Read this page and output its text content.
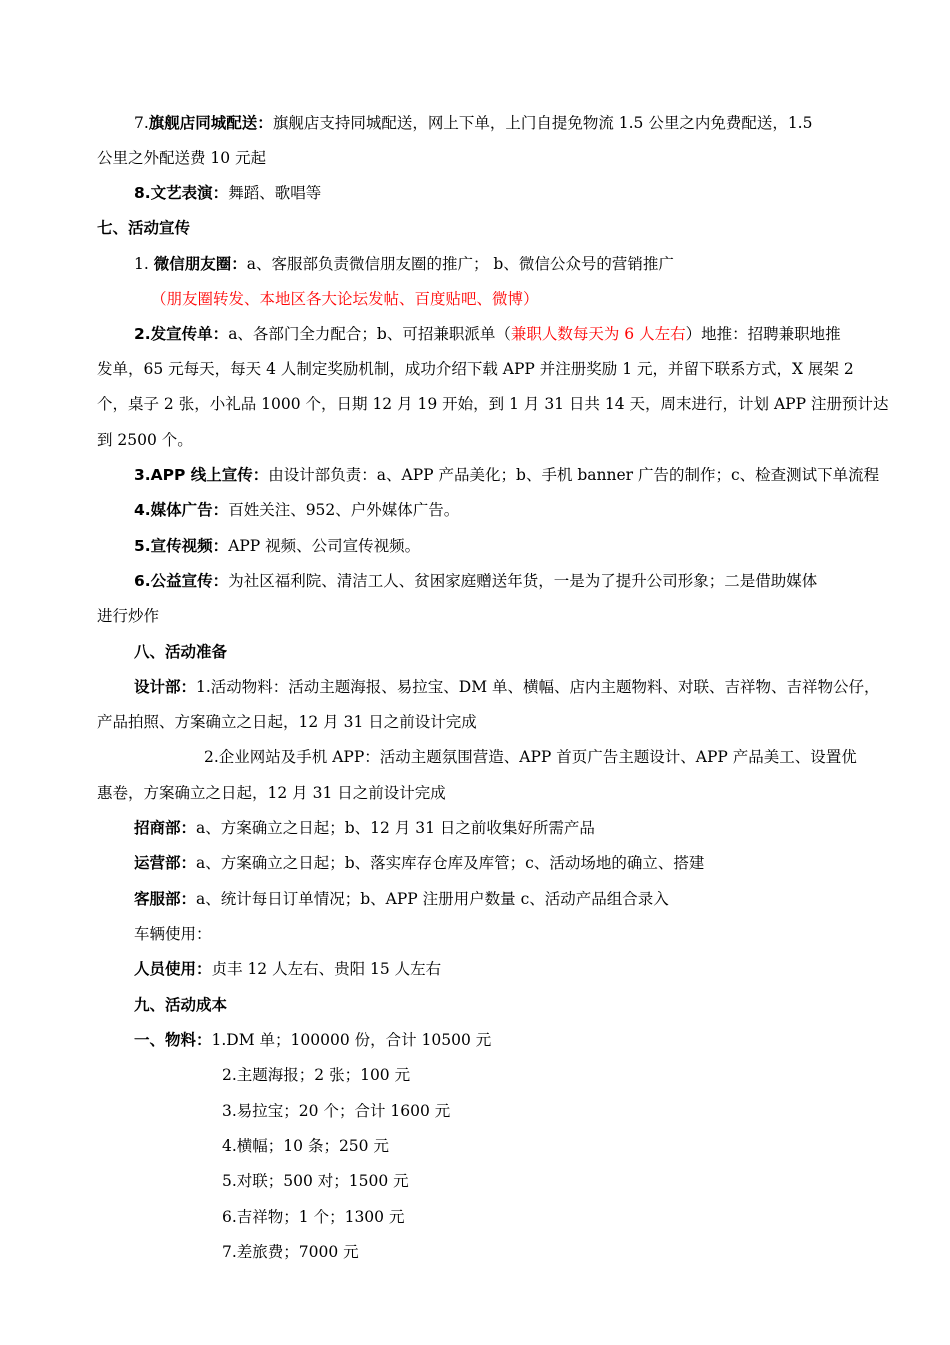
7.旗舰店同城配送：旗舰店支持同城配送，网上下单，上门自提免物流 1.5 公里之内免费配送，1.5
公里之外配送费 10 元起
8.文艺表演：舞蹈、歌唱等
七、活动宣传
1. 微信朋友圈：a、客服部负责微信朋友圈的推广； b、微信公众号的营销推广
（朋友圈转发、本地区各大论坛发帖、百度贴吧、微博）
2.发宣传单：a、各部门全力配合；b、可招兼职派单（兼职人数每天为 6 人左右）地推：招聘兼职地推
发单，65 元每天，每天 4 人制定奖励机制，成功介绍下载 APP 并注册奖励 1 元，并留下联系方式，X 展架 2
个，桌子 2 张，小礼品 1000 个，日期 12 月 19 开始，到 1 月 31 日共 14 天，周末进行，计划 APP 注册预计达
到 2500 个。
3.APP 线上宣传：由设计部负责：a、APP 产品美化；b、手机 banner 广告的制作；c、检查测试下单流程
4.媒体广告：百姓关注、952、户外媒体广告。
5.宣传视频：APP 视频、公司宣传视频。
6.公益宣传：为社区福利院、清洁工人、贫困家庭赠送年货，一是为了提升公司形象；二是借助媒体
进行炒作
八、活动准备
设计部：1.活动物料：活动主题海报、易拉宝、DM 单、横幅、店内主题物料、对联、吉祥物、吉祥物公仔，
产品拍照、方案确立之日起，12 月 31 日之前设计完成
2.企业网站及手机 APP：活动主题氛围营造、APP 首页广告主题设计、APP 产品美工、设置优
惠卷，方案确立之日起，12 月 31 日之前设计完成
招商部：a、方案确立之日起；b、12 月 31 日之前收集好所需产品
运营部：a、方案确立之日起；b、落实库存仓库及库管；c、活动场地的确立、搭建
客服部：a、统计每日订单情况；b、APP 注册用户数量 c、活动产品组合录入
车辆使用：
人员使用：贞丰 12 人左右、贵阳 15 人左右
九、活动成本
一、物料：1.DM 单；100000 份，合计 10500 元
2.主题海报；2 张；100 元
3.易拉宝；20 个；合计 1600 元
4.横幅；10 条；250 元
5.对联；500 对；1500 元
6.吉祥物；1 个；1300 元
7.差旅费；7000 元
